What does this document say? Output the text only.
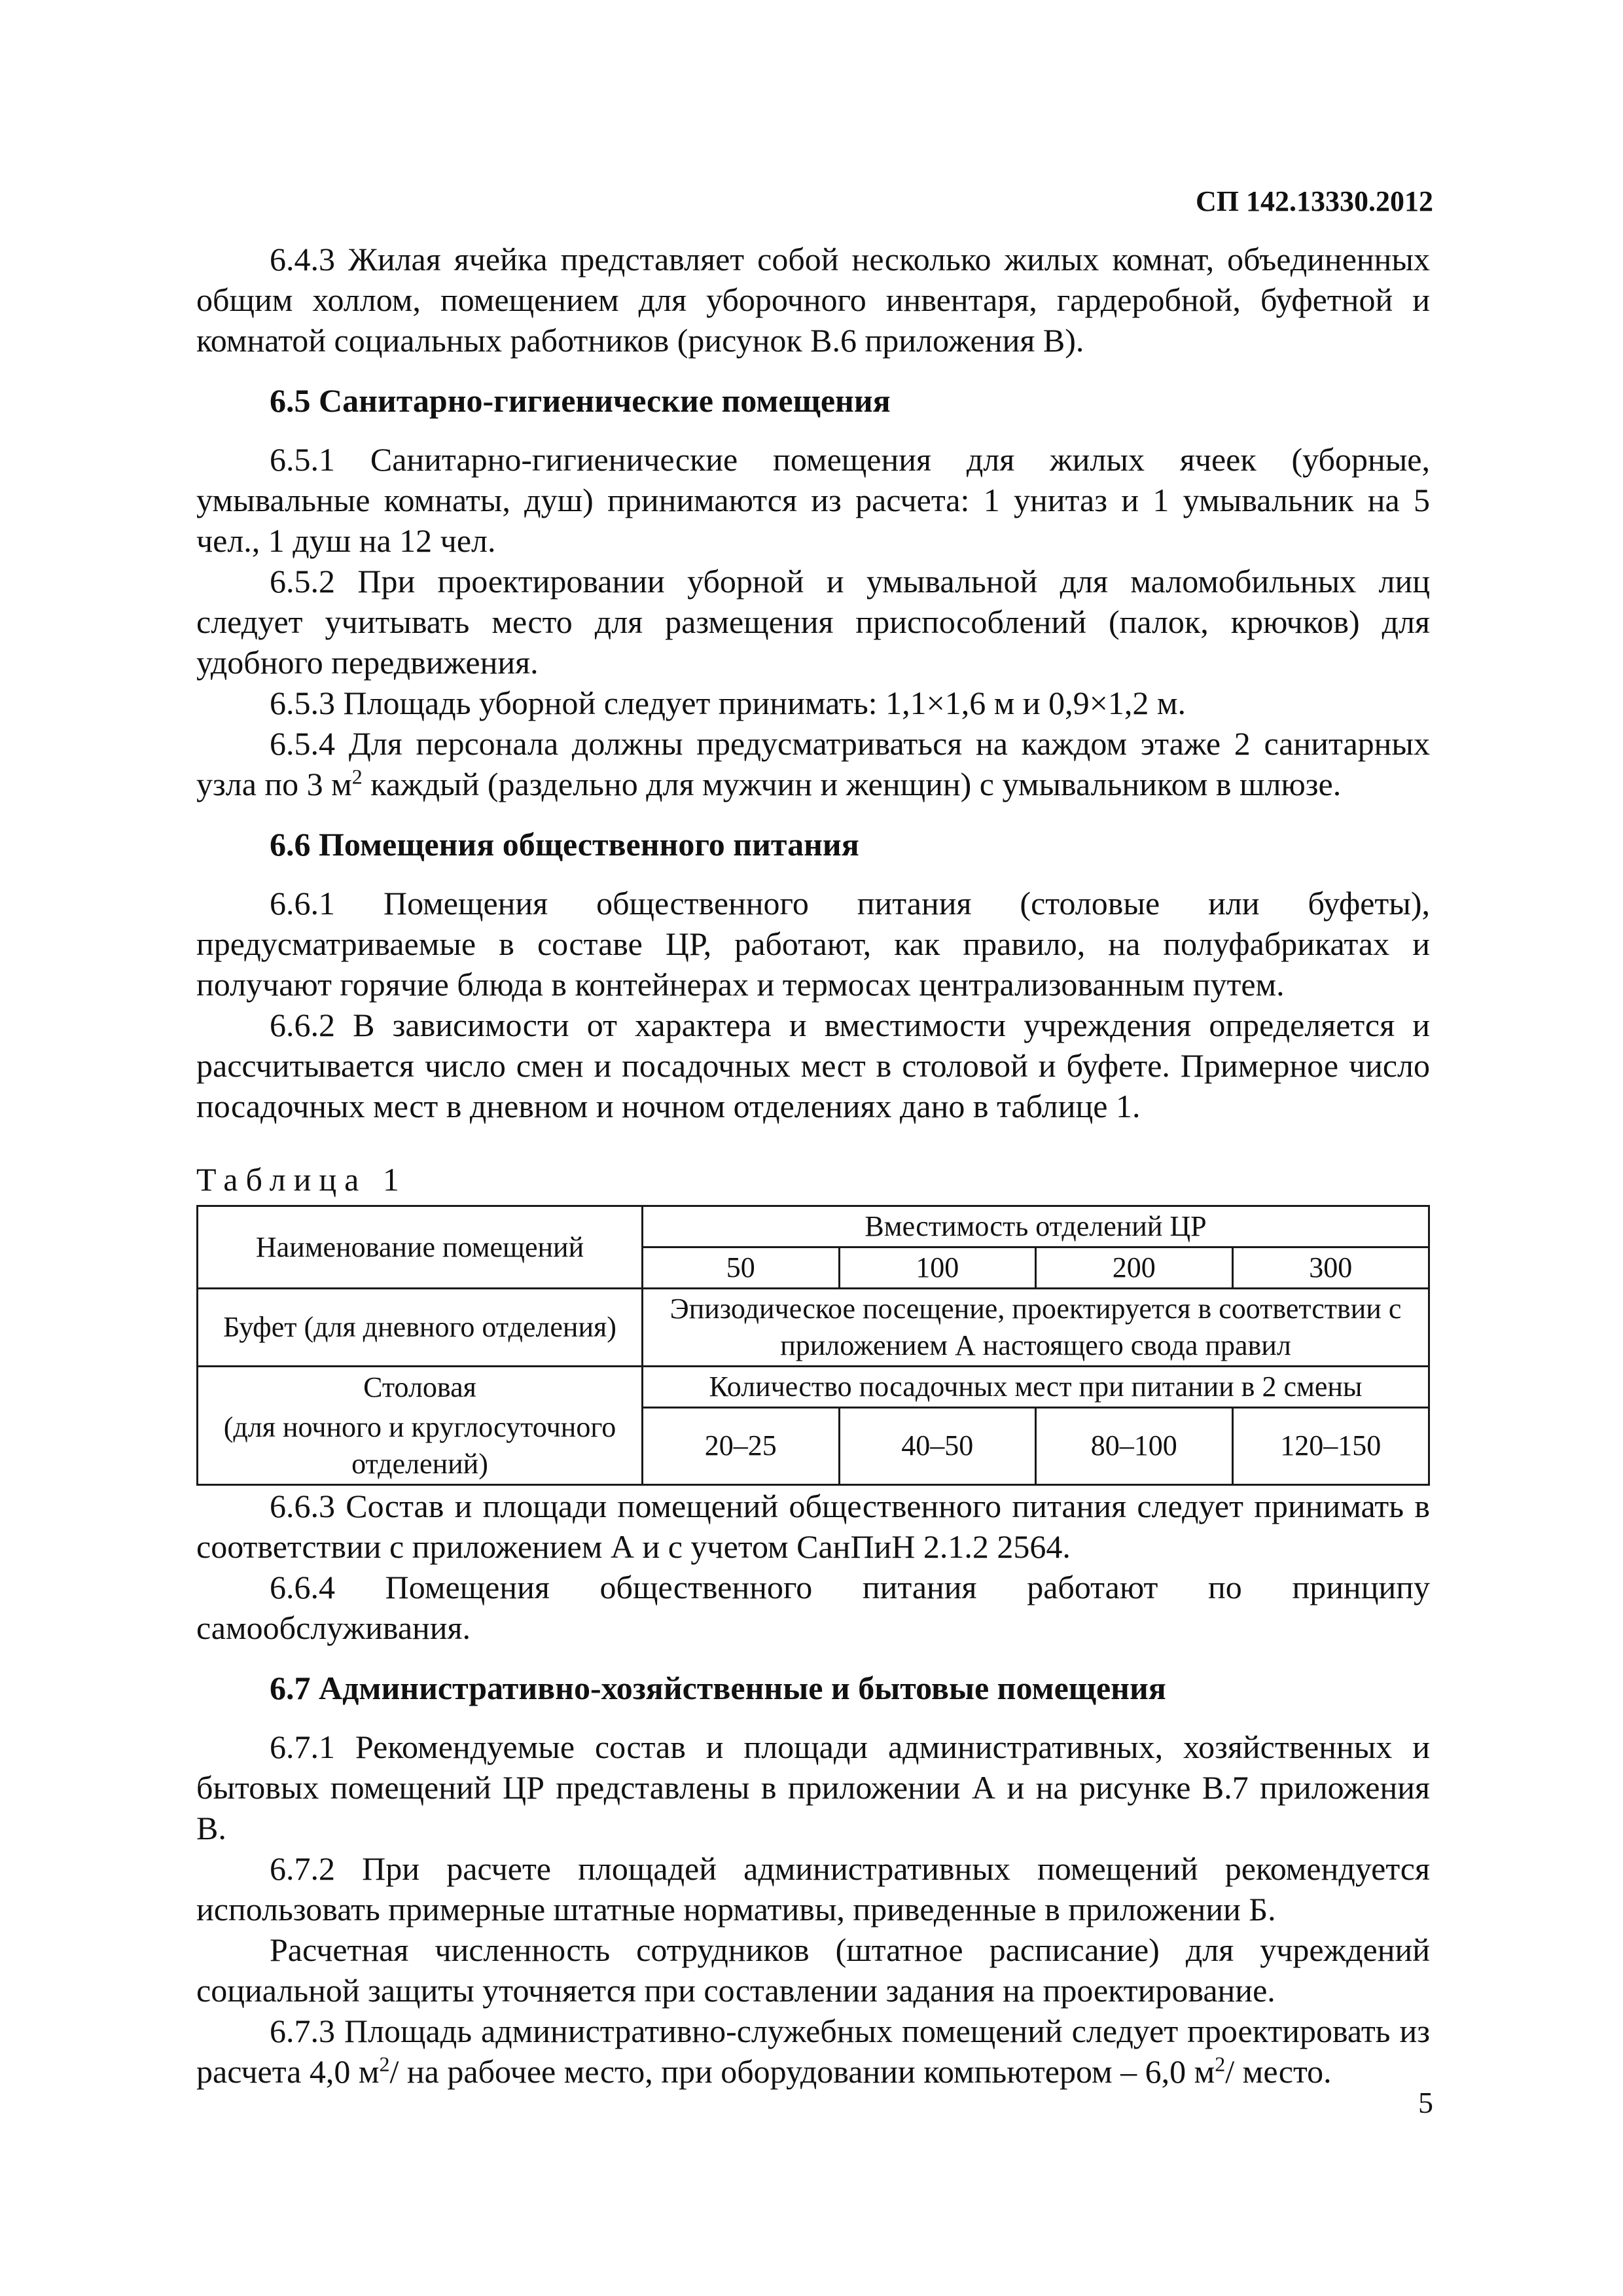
СП 142.13330.2012

6.4.3 Жилая ячейка представляет собой несколько жилых комнат, объединенных общим холлом, помещением для уборочного инвентаря, гардеробной, буфетной и комнатой социальных работников (рисунок В.6 приложения В).

6.5 Санитарно-гигиенические помещения

6.5.1 Санитарно-гигиенические помещения для жилых ячеек (уборные, умывальные комнаты, душ) принимаются из расчета: 1 унитаз и 1 умывальник на 5 чел., 1 душ на 12 чел.

6.5.2 При проектировании уборной и умывальной для маломобильных лиц следует учитывать место для размещения приспособлений (палок, крючков) для удобного передвижения.

6.5.3 Площадь уборной следует принимать: 1,1×1,6 м и 0,9×1,2 м.

6.5.4 Для персонала должны предусматриваться на каждом этаже 2 санитарных узла по 3 $м^2$ каждый (раздельно для мужчин и женщин) с умывальником в шлюзе.

6.6 Помещения общественного питания

6.6.1 Помещения общественного питания (столовые или буфеты), предусматриваемые в составе ЦР, работают, как правило, на полуфабрикатах и получают горячие блюда в контейнерах и термосах централизованным путем.

6.6.2 В зависимости от характера и вместимости учреждения определяется и рассчитывается число смен и посадочных мест в столовой и буфете. Примерное число посадочных мест в дневном и ночном отделениях дано в таблице 1.

Таблица 1
Наименование помещений	Вместимость отделений ЦР			
	50	100	200	300
Буфет (для дневного отделения)	Эпизодическое посещение, проектируется в соответствии с приложением А настоящего свода правил			
Столовая	Количество посадочных мест при питании в 2 смены			
(для ночного и круглосуточного отделений)	20–25	40–50	80–100	120–150

6.6.3 Состав и площади помещений общественного питания следует принимать в соответствии с приложением А и с учетом СанПиН 2.1.2 2564.

6.6.4 Помещения общественного питания работают по принципу самообслуживания.

6.7 Административно-хозяйственные и бытовые помещения

6.7.1 Рекомендуемые состав и площади административных, хозяйственных и бытовых помещений ЦР представлены в приложении А и на рисунке В.7 приложения В.

6.7.2 При расчете площадей административных помещений рекомендуется использовать примерные штатные нормативы, приведенные в приложении Б.

Расчетная численность сотрудников (штатное расписание) для учреждений социальной защиты уточняется при составлении задания на проектирование.

6.7.3 Площадь административно-служебных помещений следует проектировать из расчета 4,0 $м^2/$ на рабочее место, при оборудовании компьютером – 6,0 $м^2/$ место.

5
